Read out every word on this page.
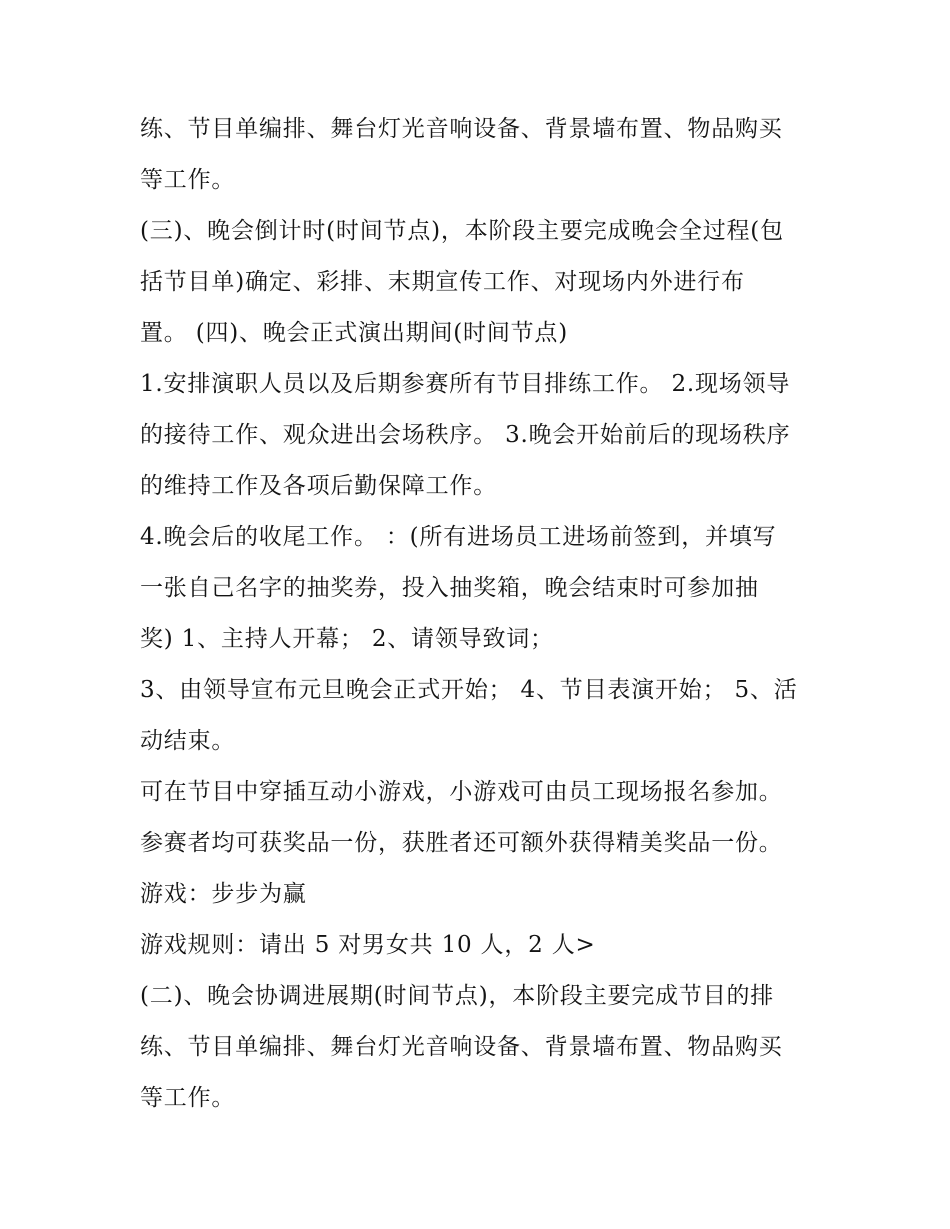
练、节目单编排、舞台灯光音响设备、背景墙布置、物品购买
等工作。
(三)、晚会倒计时(时间节点)，本阶段主要完成晚会全过程(包
括节目单)确定、彩排、末期宣传工作、对现场内外进行布
置。 (四)、晚会正式演出期间(时间节点)
1.安排演职人员以及后期参赛所有节目排练工作。 2.现场领导
的接待工作、观众进出会场秩序。 3.晚会开始前后的现场秩序
的维持工作及各项后勤保障工作。
4.晚会后的收尾工作。 ：(所有进场员工进场前签到，并填写
一张自己名字的抽奖券，投入抽奖箱，晚会结束时可参加抽
奖) 1、主持人开幕； 2、请领导致词；
3、由领导宣布元旦晚会正式开始； 4、节目表演开始； 5、活
动结束。
可在节目中穿插互动小游戏，小游戏可由员工现场报名参加。
参赛者均可获奖品一份，获胜者还可额外获得精美奖品一份。
游戏：步步为赢
游戏规则：请出 5 对男女共 10 人，2 人>
(二)、晚会协调进展期(时间节点)，本阶段主要完成节目的排
练、节目单编排、舞台灯光音响设备、背景墙布置、物品购买
等工作。
